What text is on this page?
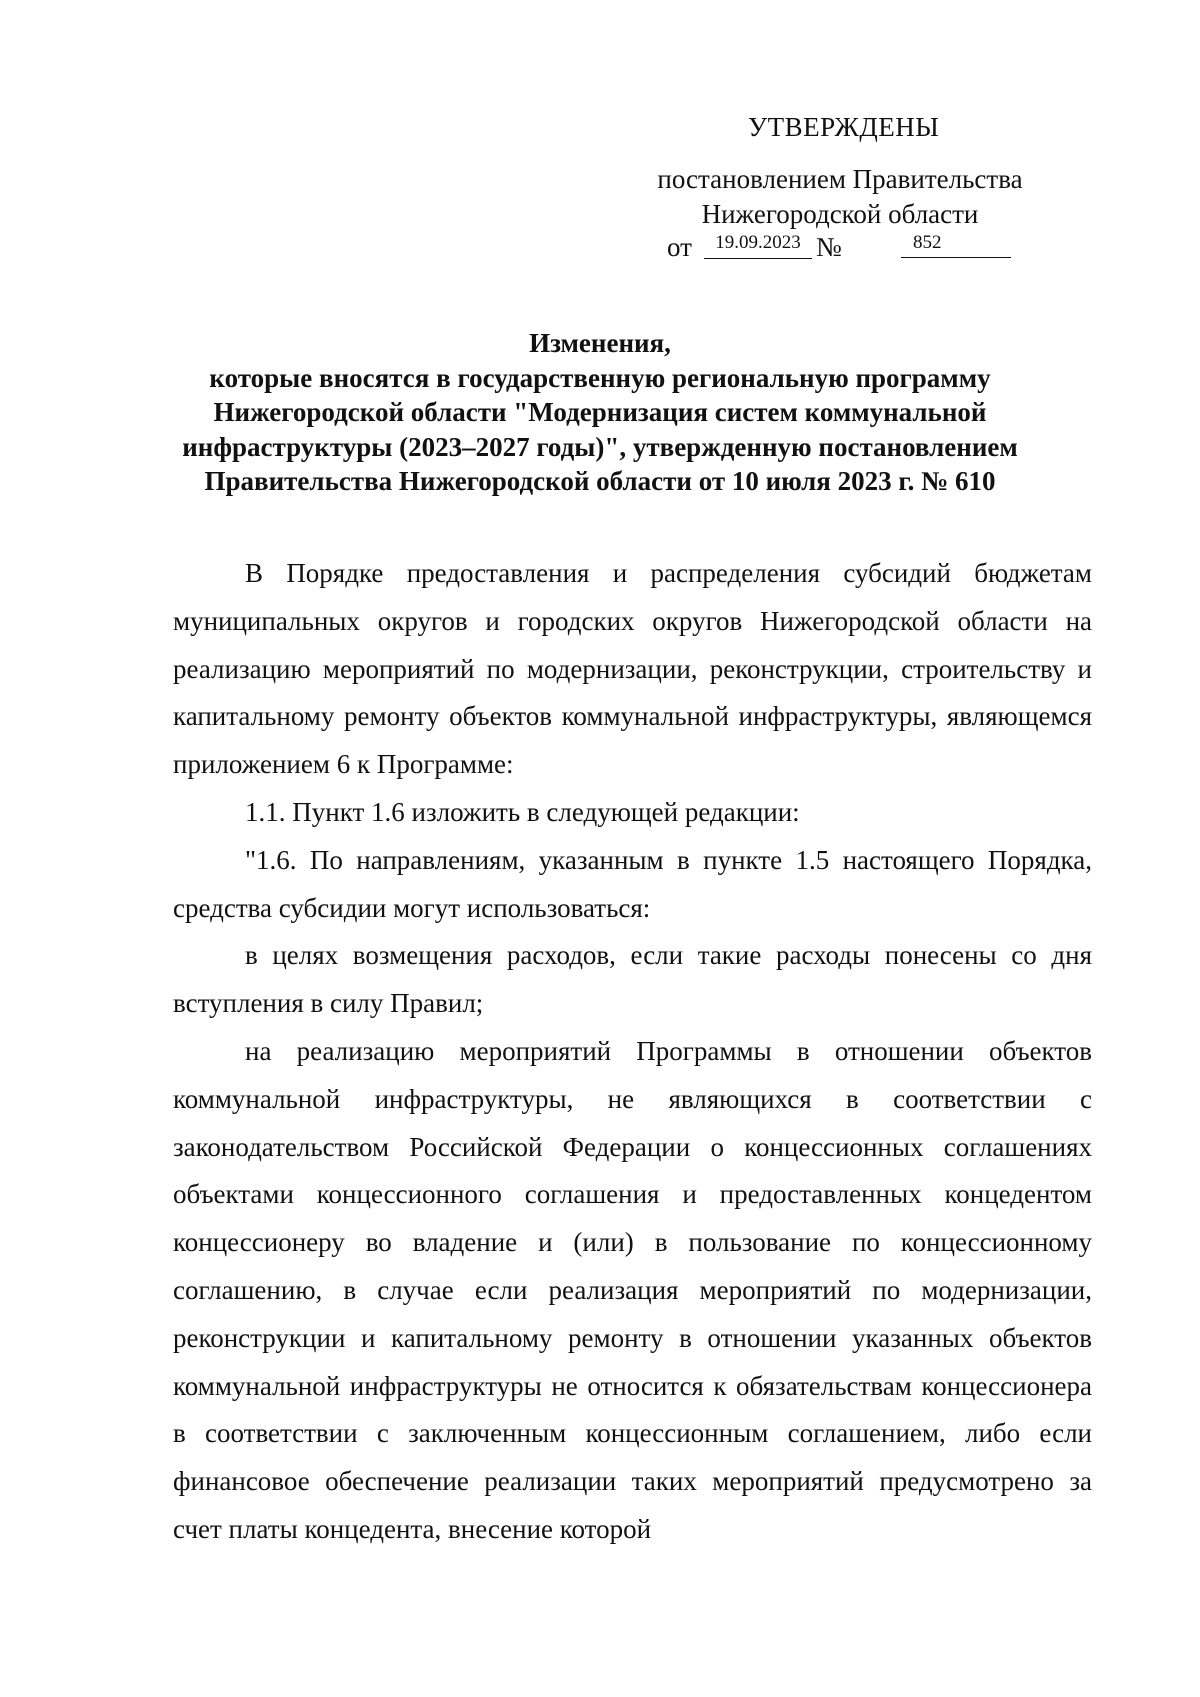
УТВЕРЖДЕНЫ
постановлением Правительства
Нижегородской области
от	19.09.2023 №	852
Изменения,
которые вносятся в государственную региональную программу
Нижегородской области "Модернизация систем коммунальной
инфраструктуры (2023–2027 годы)", утвержденную постановлением
Правительства Нижегородской области от 10 июля 2023 г. № 610

В Порядке предоставления и распределения субсидий бюджетам муниципальных округов и городских округов Нижегородской области на реализацию мероприятий по модернизации, реконструкции, строительству и капитальному ремонту объектов коммунальной инфраструктуры, являющемся приложением 6 к Программе:

1.1. Пункт 1.6 изложить в следующей редакции:

"1.6. По направлениям, указанным в пункте 1.5 настоящего Порядка, средства субсидии могут использоваться:

в целях возмещения расходов, если такие расходы понесены со дня вступления в силу Правил;

на реализацию мероприятий Программы в отношении объектов коммунальной инфраструктуры, не являющихся в соответствии с законодательством Российской Федерации о концессионных соглашениях объектами концессионного соглашения и предоставленных концедентом концессионеру во владение и (или) в пользование по концессионному соглашению, в случае если реализация мероприятий по модернизации, реконструкции и капитальному ремонту в отношении указанных объектов коммунальной инфраструктуры не относится к обязательствам концессионера в соответствии с заключенным концессионным соглашением, либо если финансовое обеспечение реализации таких мероприятий предусмотрено за счет платы концедента, внесение которой
